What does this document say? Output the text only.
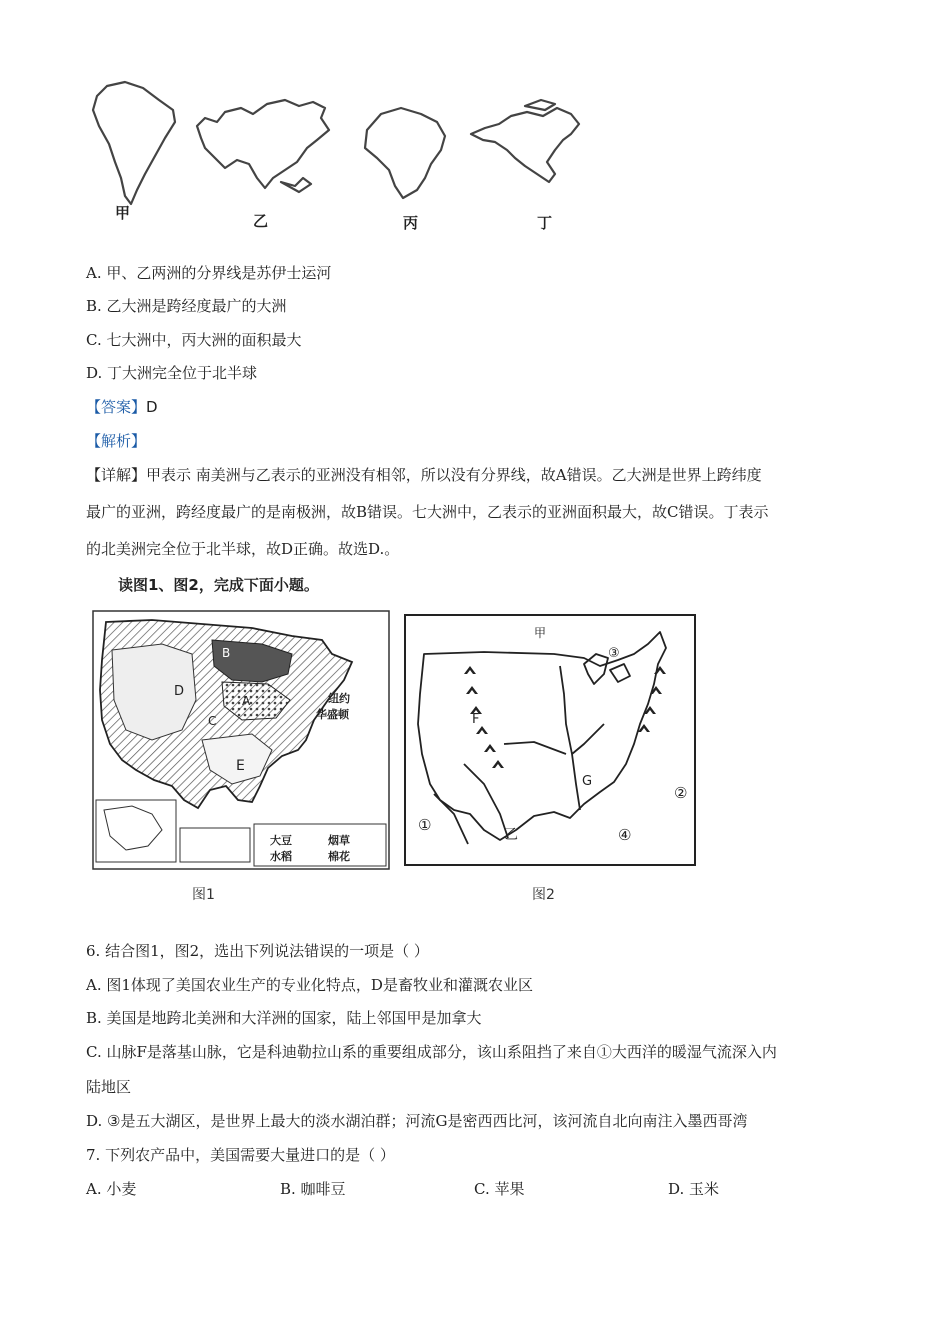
甲	乙	丙	丁
A. 甲、乙两洲的分界线是苏伊士运河
B. 乙大洲是跨经度最广的大洲
C. 七大洲中，丙大洲的面积最大
D. 丁大洲完全位于北半球
【答案】D
【解析】
【详解】甲表示 南美洲与乙表示的亚洲没有相邻，所以没有分界线，故A错误。乙大洲是世界上跨纬度
最广的亚洲，跨经度最广的是南极洲，故B错误。七大洲中，乙表示的亚洲面积最大，故C错误。丁表示
的北美洲完全位于北半球，故D正确。故选D.。
读图1、图2，完成下面小题。
D
B
A
C
E
纽约
华盛顿
大豆	烟草
水稻	棉花
图1
甲
F
G
乙
①
②
③
④
图2
6. 结合图1，图2，选出下列说法错误的一项是（ ）
A. 图1体现了美国农业生产的专业化特点，D是畜牧业和灌溉农业区
B. 美国是地跨北美洲和大洋洲的国家，陆上邻国甲是加拿大
C. 山脉F是落基山脉，它是科迪勒拉山系的重要组成部分，该山系阻挡了来自①大西洋的暖湿气流深入内
陆地区
D. ③是五大湖区，是世界上最大的淡水湖泊群；河流G是密西西比河，该河流自北向南注入墨西哥湾
7. 下列农产品中，美国需要大量进口的是（ ）
A. 小麦	B. 咖啡豆	C. 苹果	D. 玉米
